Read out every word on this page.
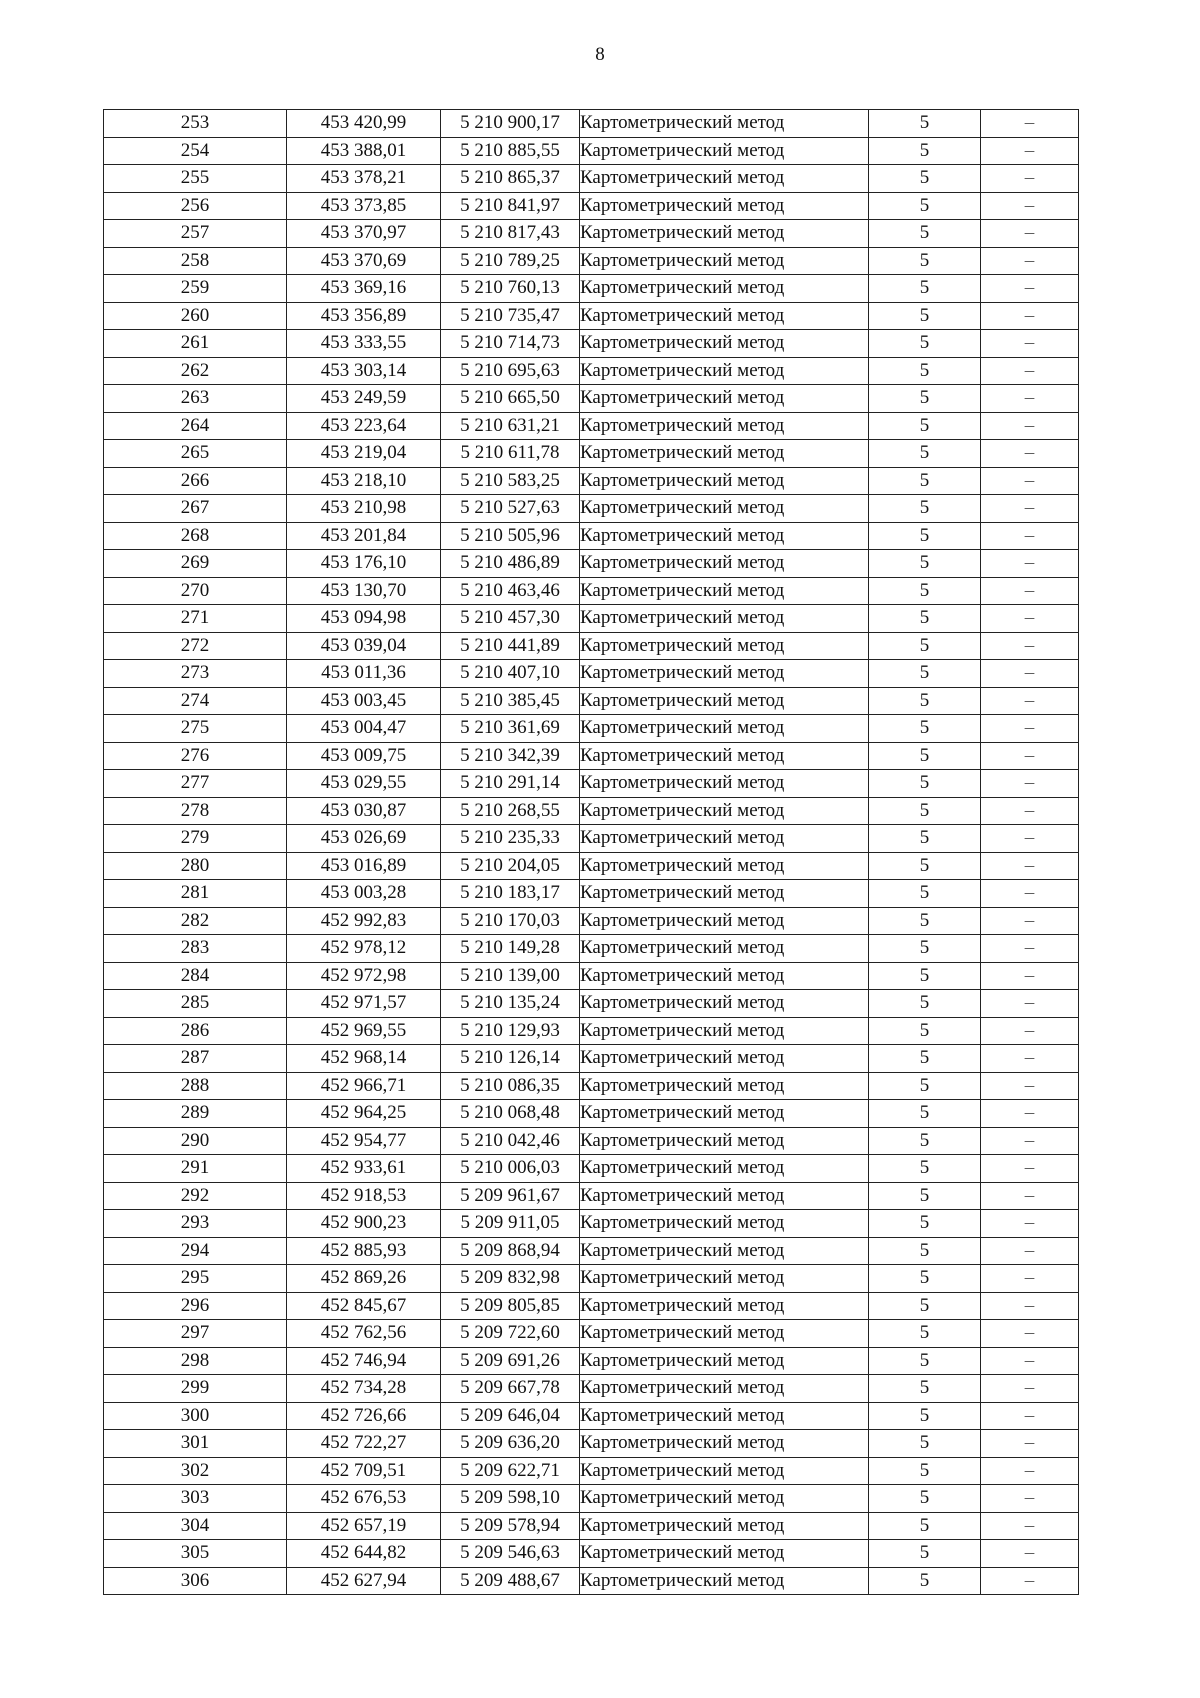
8
253	453 420,99	5 210 900,17	Картометрический метод	5	–
254	453 388,01	5 210 885,55	Картометрический метод	5	–
255	453 378,21	5 210 865,37	Картометрический метод	5	–
256	453 373,85	5 210 841,97	Картометрический метод	5	–
257	453 370,97	5 210 817,43	Картометрический метод	5	–
258	453 370,69	5 210 789,25	Картометрический метод	5	–
259	453 369,16	5 210 760,13	Картометрический метод	5	–
260	453 356,89	5 210 735,47	Картометрический метод	5	–
261	453 333,55	5 210 714,73	Картометрический метод	5	–
262	453 303,14	5 210 695,63	Картометрический метод	5	–
263	453 249,59	5 210 665,50	Картометрический метод	5	–
264	453 223,64	5 210 631,21	Картометрический метод	5	–
265	453 219,04	5 210 611,78	Картометрический метод	5	–
266	453 218,10	5 210 583,25	Картометрический метод	5	–
267	453 210,98	5 210 527,63	Картометрический метод	5	–
268	453 201,84	5 210 505,96	Картометрический метод	5	–
269	453 176,10	5 210 486,89	Картометрический метод	5	–
270	453 130,70	5 210 463,46	Картометрический метод	5	–
271	453 094,98	5 210 457,30	Картометрический метод	5	–
272	453 039,04	5 210 441,89	Картометрический метод	5	–
273	453 011,36	5 210 407,10	Картометрический метод	5	–
274	453 003,45	5 210 385,45	Картометрический метод	5	–
275	453 004,47	5 210 361,69	Картометрический метод	5	–
276	453 009,75	5 210 342,39	Картометрический метод	5	–
277	453 029,55	5 210 291,14	Картометрический метод	5	–
278	453 030,87	5 210 268,55	Картометрический метод	5	–
279	453 026,69	5 210 235,33	Картометрический метод	5	–
280	453 016,89	5 210 204,05	Картометрический метод	5	–
281	453 003,28	5 210 183,17	Картометрический метод	5	–
282	452 992,83	5 210 170,03	Картометрический метод	5	–
283	452 978,12	5 210 149,28	Картометрический метод	5	–
284	452 972,98	5 210 139,00	Картометрический метод	5	–
285	452 971,57	5 210 135,24	Картометрический метод	5	–
286	452 969,55	5 210 129,93	Картометрический метод	5	–
287	452 968,14	5 210 126,14	Картометрический метод	5	–
288	452 966,71	5 210 086,35	Картометрический метод	5	–
289	452 964,25	5 210 068,48	Картометрический метод	5	–
290	452 954,77	5 210 042,46	Картометрический метод	5	–
291	452 933,61	5 210 006,03	Картометрический метод	5	–
292	452 918,53	5 209 961,67	Картометрический метод	5	–
293	452 900,23	5 209 911,05	Картометрический метод	5	–
294	452 885,93	5 209 868,94	Картометрический метод	5	–
295	452 869,26	5 209 832,98	Картометрический метод	5	–
296	452 845,67	5 209 805,85	Картометрический метод	5	–
297	452 762,56	5 209 722,60	Картометрический метод	5	–
298	452 746,94	5 209 691,26	Картометрический метод	5	–
299	452 734,28	5 209 667,78	Картометрический метод	5	–
300	452 726,66	5 209 646,04	Картометрический метод	5	–
301	452 722,27	5 209 636,20	Картометрический метод	5	–
302	452 709,51	5 209 622,71	Картометрический метод	5	–
303	452 676,53	5 209 598,10	Картометрический метод	5	–
304	452 657,19	5 209 578,94	Картометрический метод	5	–
305	452 644,82	5 209 546,63	Картометрический метод	5	–
306	452 627,94	5 209 488,67	Картометрический метод	5	–
